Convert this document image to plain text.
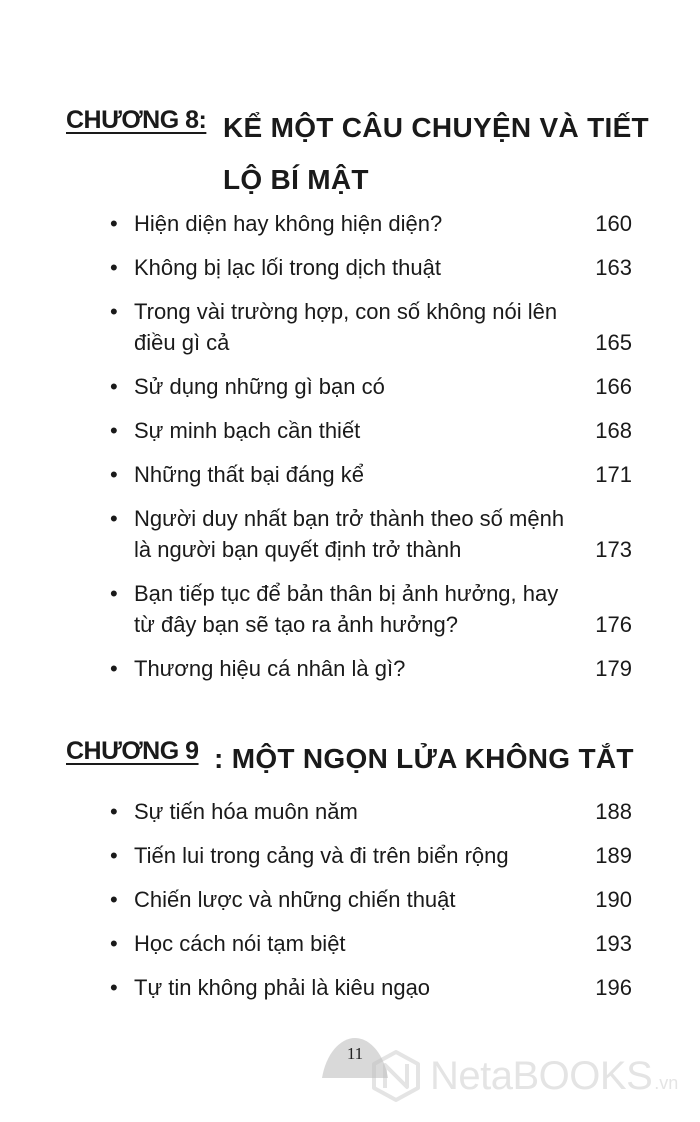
CHƯƠNG 8: KỂ MỘT CÂU CHUYỆN VÀ TIẾT LỘ BÍ MẬT
• Hiện diện hay không hiện diện?	160
• Không bị lạc lối trong dịch thuật	163
• Trong vài trường hợp, con số không nói lên điều gì cả	165
• Sử dụng những gì bạn có	166
• Sự minh bạch cần thiết	168
• Những thất bại đáng kể	171
• Người duy nhất bạn trở thành theo số mệnh là người bạn quyết định trở thành	173
• Bạn tiếp tục để bản thân bị ảnh hưởng, hay từ đây bạn sẽ tạo ra ảnh hưởng?	176
• Thương hiệu cá nhân là gì?	179
CHƯƠNG 9 : MỘT NGỌN LỬA KHÔNG TẮT
• Sự tiến hóa muôn năm	188
• Tiến lui trong cảng và đi trên biển rộng	189
• Chiến lược và những chiến thuật	190
• Học cách nói tạm biệt	193
• Tự tin không phải là kiêu ngạo	196
11	NetaBOOKS .vn
